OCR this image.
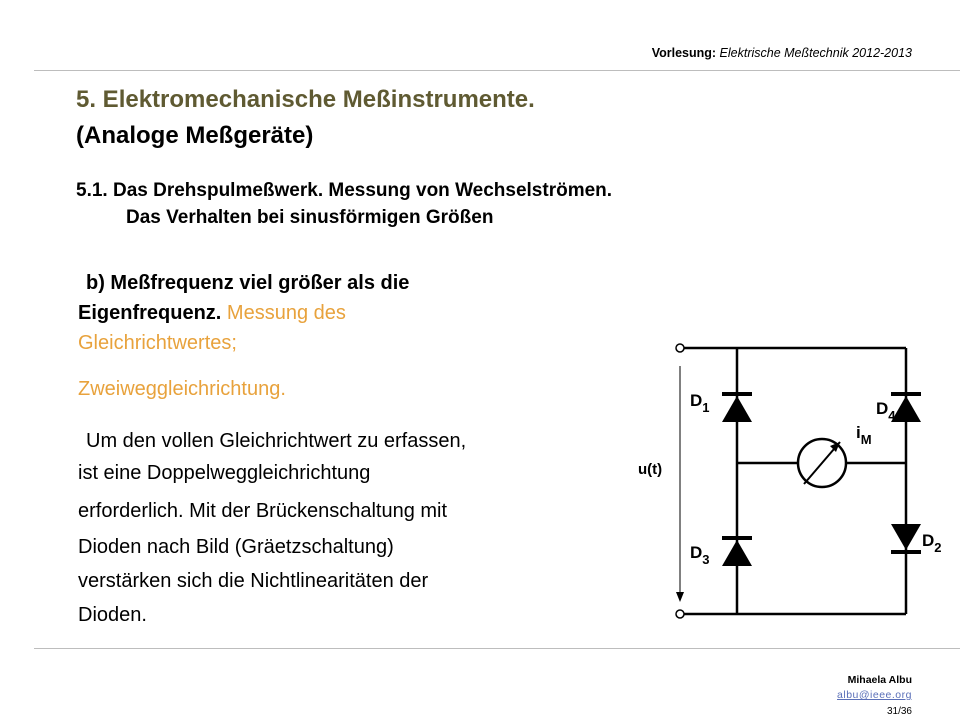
Vorlesung: Elektrische Meßtechnik 2012-2013
5. Elektromechanische Meßinstrumente.
(Analoge Meßgeräte)
5.1. Das Drehspulmeßwerk. Messung von Wechselströmen.
Das Verhalten bei sinusförmigen Größen
b) Meßfrequenz viel größer als die
Eigenfrequenz. Messung des
Gleichrichtwertes;
Zweiweggleichrichtung.
Um den vollen Gleichrichtwert zu erfassen,
ist eine Doppelweggleichrichtung
erforderlich. Mit der Brückenschaltung mit
Dioden nach Bild (Gräetzschaltung)
verstärken sich die Nichtlinearitäten der
Dioden.
$D_1$	$D_4$
$D_3$
$D_2$
$i_M$
u(t)
Mihaela Albu
albu@ieee.org
31/36
